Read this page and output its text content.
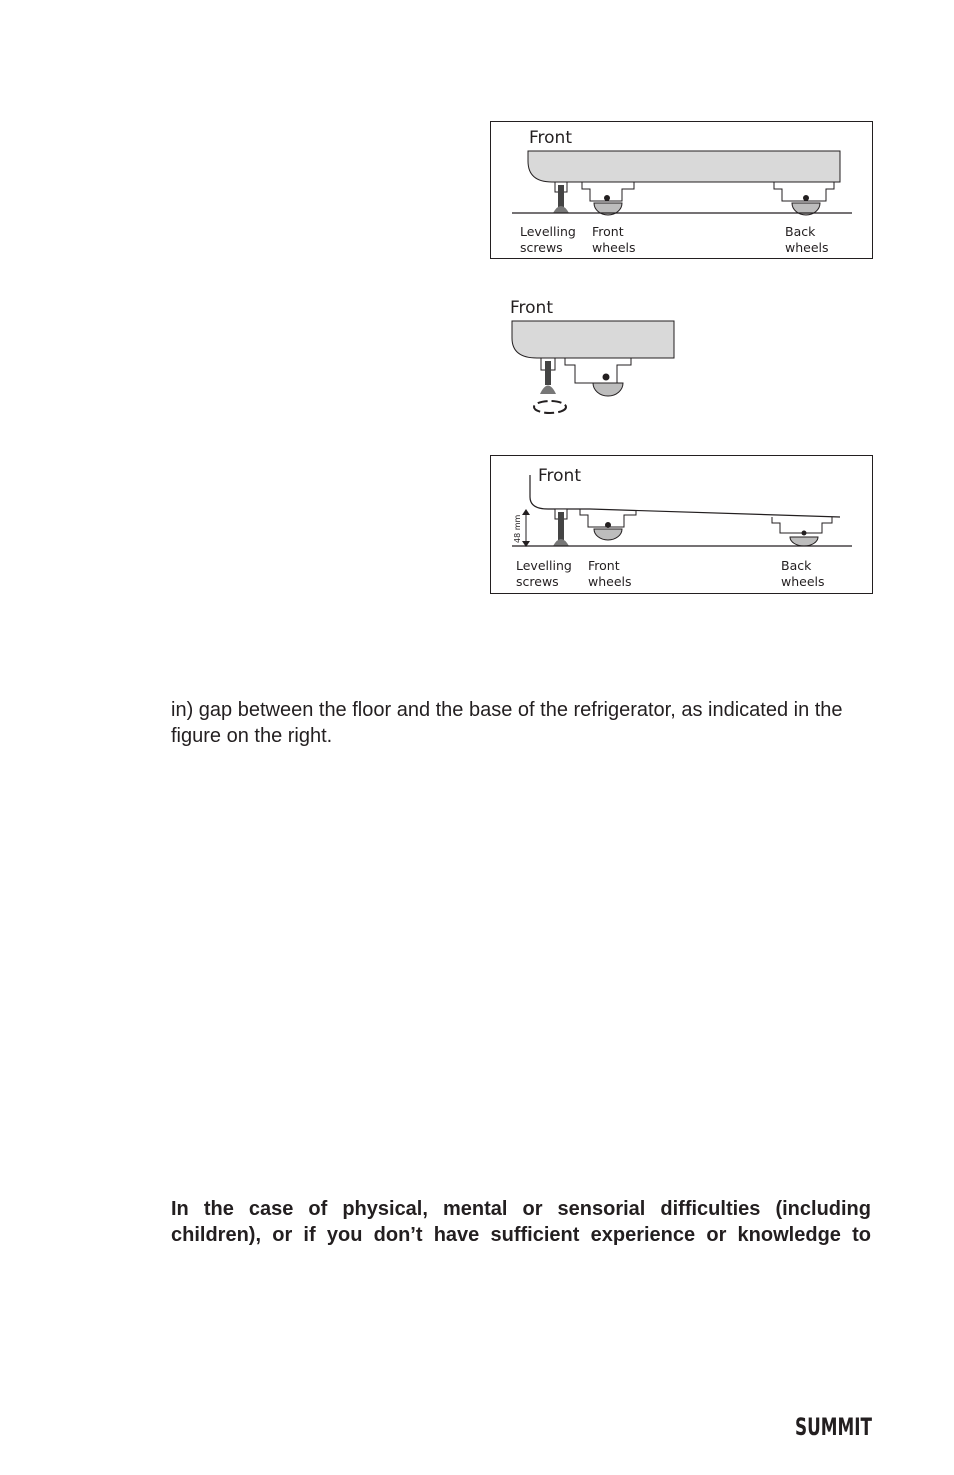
Front
Levelling
screws
Front
wheels
Back
wheels
Front
Front
48 mm
Levelling
screws
Front
wheels
Back
wheels

in) gap between the floor and the base of the refrigerator, as indicated in the figure on the right.

In the case of physical, mental or sensorial difficulties (including children), or if you don’t have sufficient experience or knowledge to

SUMMIT
